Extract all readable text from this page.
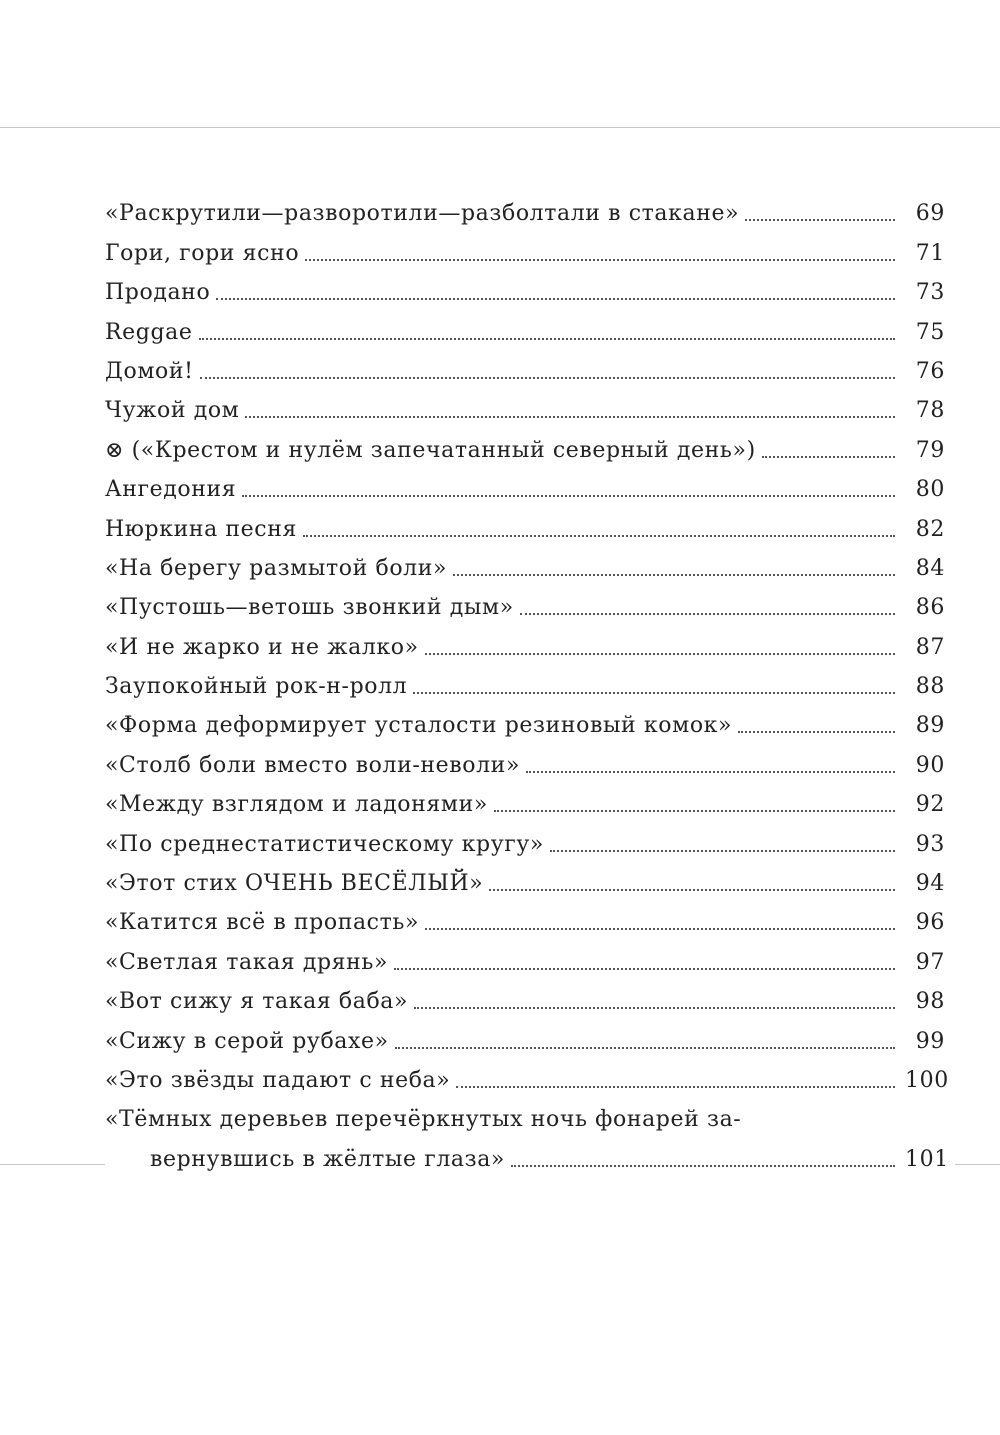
«Раскрутили—разворотили—разболтали в стакане»	69
Гори, гори ясно	71
Продано	73
Reggae	75
Домой!	76
Чужой дом	78
⊗ («Крестом и нулём запечатанный северный день»)	79
Ангедония	80
Нюркина песня	82
«На берегу размытой боли»	84
«Пустошь—ветошь звонкий дым»	86
«И не жарко и не жалко»	87
Заупокойный рок-н-ролл	88
«Форма деформирует усталости резиновый комок»	89
«Столб боли вместо воли-неволи»	90
«Между взглядом и ладонями»	92
«По среднестатистическому кругу»	93
«Этот стих ОЧЕНЬ ВЕСЁЛЫЙ»	94
«Катится всё в пропасть»	96
«Светлая такая дрянь»	97
«Вот сижу я такая баба»	98
«Сижу в серой рубахе»	99
«Это звёзды падают с неба»	100
«Тёмных деревьев перечёркнутых ночь фонарей за-
вернувшись в жёлтые глаза»	101
